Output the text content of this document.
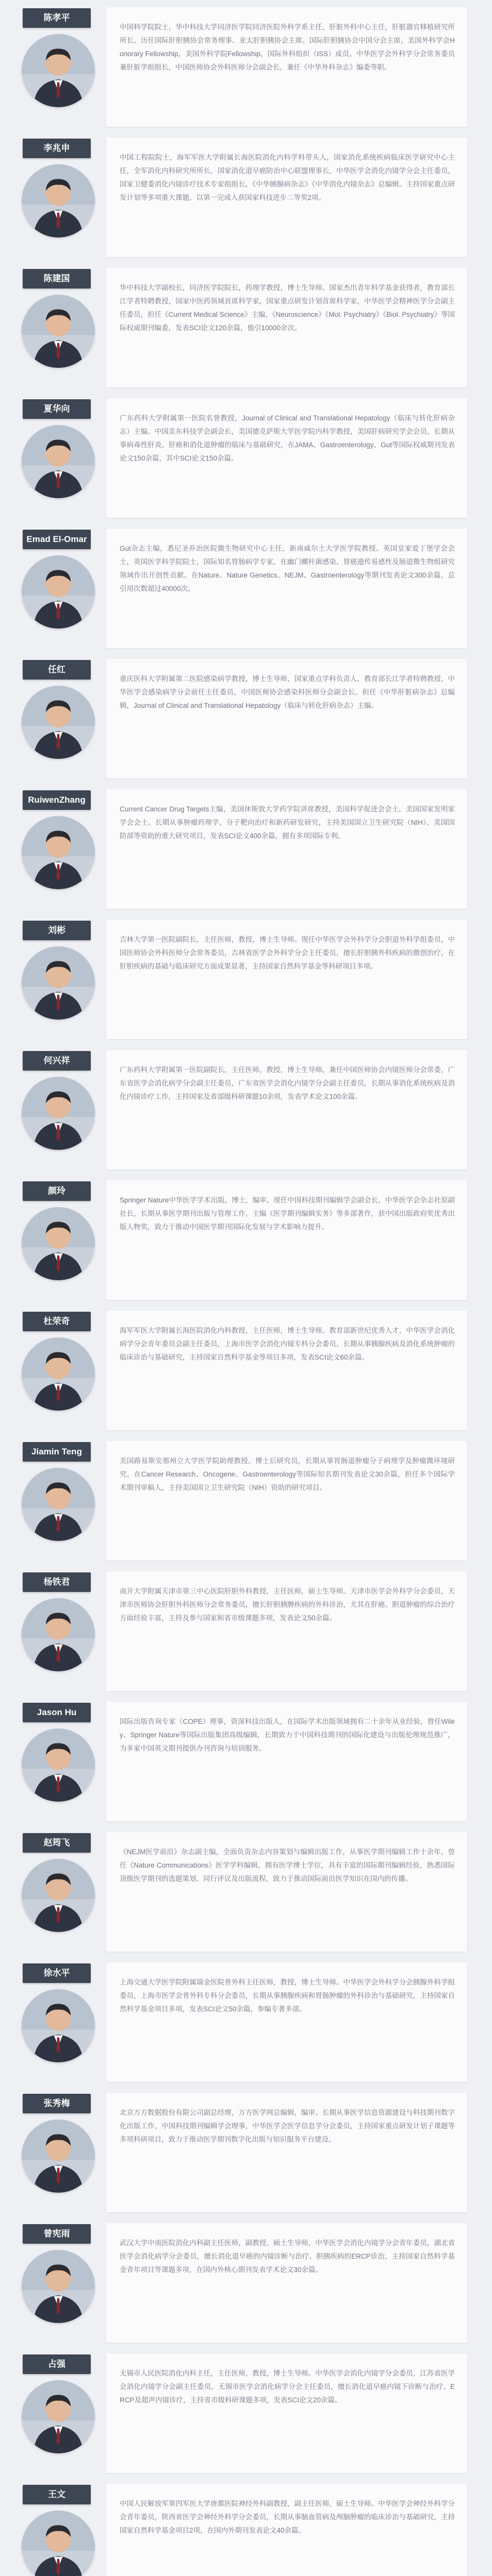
陈孝平

中国科学院院士，华中科技大学同济医学院同济医院外科学系主任，肝脏外科中心主任，肝脏器官移植研究所所长。历任国际肝胆胰协会常务理事、亚太肝胆胰协会主席。国际肝胆胰协会中国分会主席，美国外科学会Honorary Fellowship，美国外科学院Fellowship，国际外科组织（ISS）成员。中华医学会外科学分会常务委员兼肝脏学组组长，中国医师协会外科医师分会副会长，兼任《中华外科杂志》编委等职。

李兆申

中国工程院院士，海军军医大学附属长海医院消化内科学科带头人，国家消化系统疾病临床医学研究中心主任，全军消化内科研究所所长，国家消化道早癌防治中心联盟理事长，中华医学会消化内镜学分会主任委员，国家卫健委消化内镜诊疗技术专家组组长，《中华胰腺病杂志》《中华消化内镜杂志》总编辑。主持国家重点研发计划等多项重大课题，以第一完成人获国家科技进步二等奖2项。

陈建国

华中科技大学副校长，同济医学院院长，药理学教授，博士生导师。国家杰出青年科学基金获得者，教育部长江学者特聘教授，国家中医药领域首席科学家，国家重点研发计划首席科学家，中华医学会精神医学分会副主任委员，担任《Current Medical Science》主编，《Neuroscience》《Mol. Psychiatry》《Biol. Psychiatry》等国际权威期刊编委，发表SCI论文120余篇，他引10000余次。

夏华向

广东药科大学附属第一医院名誉教授，Journal of Clinical and Translational Hepatology（临床与转化肝病杂志）主编。中国美东科技学会副会长，美国德克萨斯大学医学院内科学教授，美国肝病研究学会会员，长期从事病毒性肝炎、肝癌和消化道肿瘤的临床与基础研究，在JAMA、Gastroenterology、Gut等国际权威期刊发表论文150余篇，其中SCI论文150余篇。

Emad El-Omar

Gut杂志主编，悉尼圣乔治医院微生物研究中心主任，新南威尔士大学医学院教授。英国皇家爱丁堡学会会士，英国医学科学院院士，国际知名胃肠病学专家，在幽门螺杆菌感染、胃癌遗传易感性及肠道微生物组研究领域作出开创性贡献。在Nature、Nature Genetics、NEJM、Gastroenterology等期刊发表论文300余篇，总引用次数超过40000次。

任红

重庆医科大学附属第二医院感染病学教授，博士生导师，国家重点学科负责人，教育部长江学者特聘教授，中华医学会感染病学分会前任主任委员，中国医师协会感染科医师分会副会长。担任《中华肝脏病杂志》总编辑，Journal of Clinical and Translational Hepatology（临床与转化肝病杂志）主编。

RuiwenZhang

Current Cancer Drug Targets主编，美国休斯敦大学药学院讲席教授，美国科学促进会会士，美国国家发明家学会会士。长期从事肿瘤药理学、分子靶向治疗和新药研发研究，主持美国国立卫生研究院（NIH）、美国国防部等资助的重大研究项目，发表SCI论文400余篇，拥有多项国际专利。

刘彬

吉林大学第一医院副院长，主任医师，教授，博士生导师。现任中华医学会外科学分会胆道外科学组委员，中国医师协会外科医师分会常务委员，吉林省医学会外科学分会主任委员，擅长肝胆胰外科疾病的微创治疗，在肝胆疾病的基础与临床研究方面成果显著，主持国家自然科学基金等科研项目多项。

何兴祥

广东药科大学附属第一医院副院长，主任医师，教授，博士生导师，兼任中国医师协会内镜医师分会常委，广东省医学会消化病学分会副主任委员，广东省医学会消化内镜学分会副主任委员，长期从事消化系统疾病及消化内镜诊疗工作，主持国家及省部级科研课题10余项，发表学术论文100余篇。

颜玲

Springer Nature中华医学学术出版，博士，编审。现任中国科技期刊编辑学会副会长，中华医学会杂志社原副社长，长期从事医学期刊出版与管理工作，主编《医学期刊编辑实务》等多部著作，获中国出版政府奖优秀出版人物奖，致力于推动中国医学期刊国际化发展与学术影响力提升。

杜荣奇

海军军医大学附属长海医院消化内科教授，主任医师，博士生导师，教育部新世纪优秀人才，中华医学会消化病学分会青年委员会副主任委员，上海市医学会消化内镜专科分会委员。长期从事胰腺疾病及消化系统肿瘤的临床诊治与基础研究，主持国家自然科学基金等项目多项，发表SCI论文60余篇。

Jiamin Teng

美国路易斯安那州立大学医学院助理教授，博士后研究员，长期从事胃肠道肿瘤分子病理学及肿瘤微环境研究，在Cancer Research、Oncogene、Gastroenterology等国际知名期刊发表论文30余篇，担任多个国际学术期刊审稿人，主持美国国立卫生研究院（NIH）资助的研究项目。

杨铁君

南开大学附属天津市第三中心医院肝胆外科教授，主任医师，硕士生导师。天津市医学会外科学分会委员，天津市医师协会肝胆外科医师分会常务委员，擅长肝胆胰脾疾病的外科诊治，尤其在肝癌、胆道肿瘤的综合治疗方面经验丰富，主持及参与国家和省市级课题多项，发表论文50余篇。

Jason Hu

国际出版咨询专家（COPE）理事，资深科技出版人，在国际学术出版领域拥有二十余年从业经验，曾任Wiley、Springer Nature等国际出版集团高级编辑，长期致力于中国科技期刊的国际化建设与出版伦理规范推广，为多家中国英文期刊提供办刊咨询与培训服务。

赵筠飞

《NEJM医学前沿》杂志副主编，全面负责杂志内容策划与编辑出版工作，从事医学期刊编辑工作十余年，曾任《Nature Communications》医学学科编辑，拥有医学博士学位，具有丰富的国际期刊编辑经验，熟悉国际顶级医学期刊的选题策划、同行评议及出版流程，致力于推动国际前沿医学知识在国内的传播。

徐水平

上海交通大学医学院附属瑞金医院普外科主任医师，教授，博士生导师。中华医学会外科学分会胰腺外科学组委员，上海市医学会普外科专科分会委员，长期从事胰腺疾病和胃肠肿瘤的外科诊治与基础研究，主持国家自然科学基金项目多项，发表SCI论文50余篇，参编专著多部。

张秀梅

北京万方数据股份有限公司副总经理，万方医学网总编辑，编审。长期从事医学信息资源建设与科技期刊数字化出版工作，中国科技期刊编辑学会理事，中华医学会医学信息学分会委员，主持国家重点研发计划子课题等多项科研项目，致力于推动医学期刊数字化出版与知识服务平台建设。

曾宪雨

武汉大学中南医院消化内科副主任医师，副教授，硕士生导师，中华医学会消化内镜学分会青年委员，湖北省医学会消化病学分会委员，擅长消化道早癌的内镜诊断与治疗、胆胰疾病的ERCP诊治，主持国家自然科学基金青年项目等课题多项，在国内外核心期刊发表学术论文30余篇。

占强

无锡市人民医院消化内科主任，主任医师，教授，博士生导师。中华医学会消化内镜学分会委员，江苏省医学会消化内镜学分会副主任委员，无锡市医学会消化病学分会主任委员，擅长消化道早癌内镜下诊断与治疗、ERCP及超声内镜诊疗，主持省市级科研课题多项，发表SCI论文20余篇。

王文

中国人民解放军第四军医大学唐都医院神经外科副教授，副主任医师，硕士生导师。中华医学会神经外科学分会青年委员，陕西省医学会神经外科学分会委员，长期从事脑血管病及颅脑肿瘤的临床诊治与基础研究，主持国家自然科学基金项目2项，在国内外期刊发表论文40余篇。
